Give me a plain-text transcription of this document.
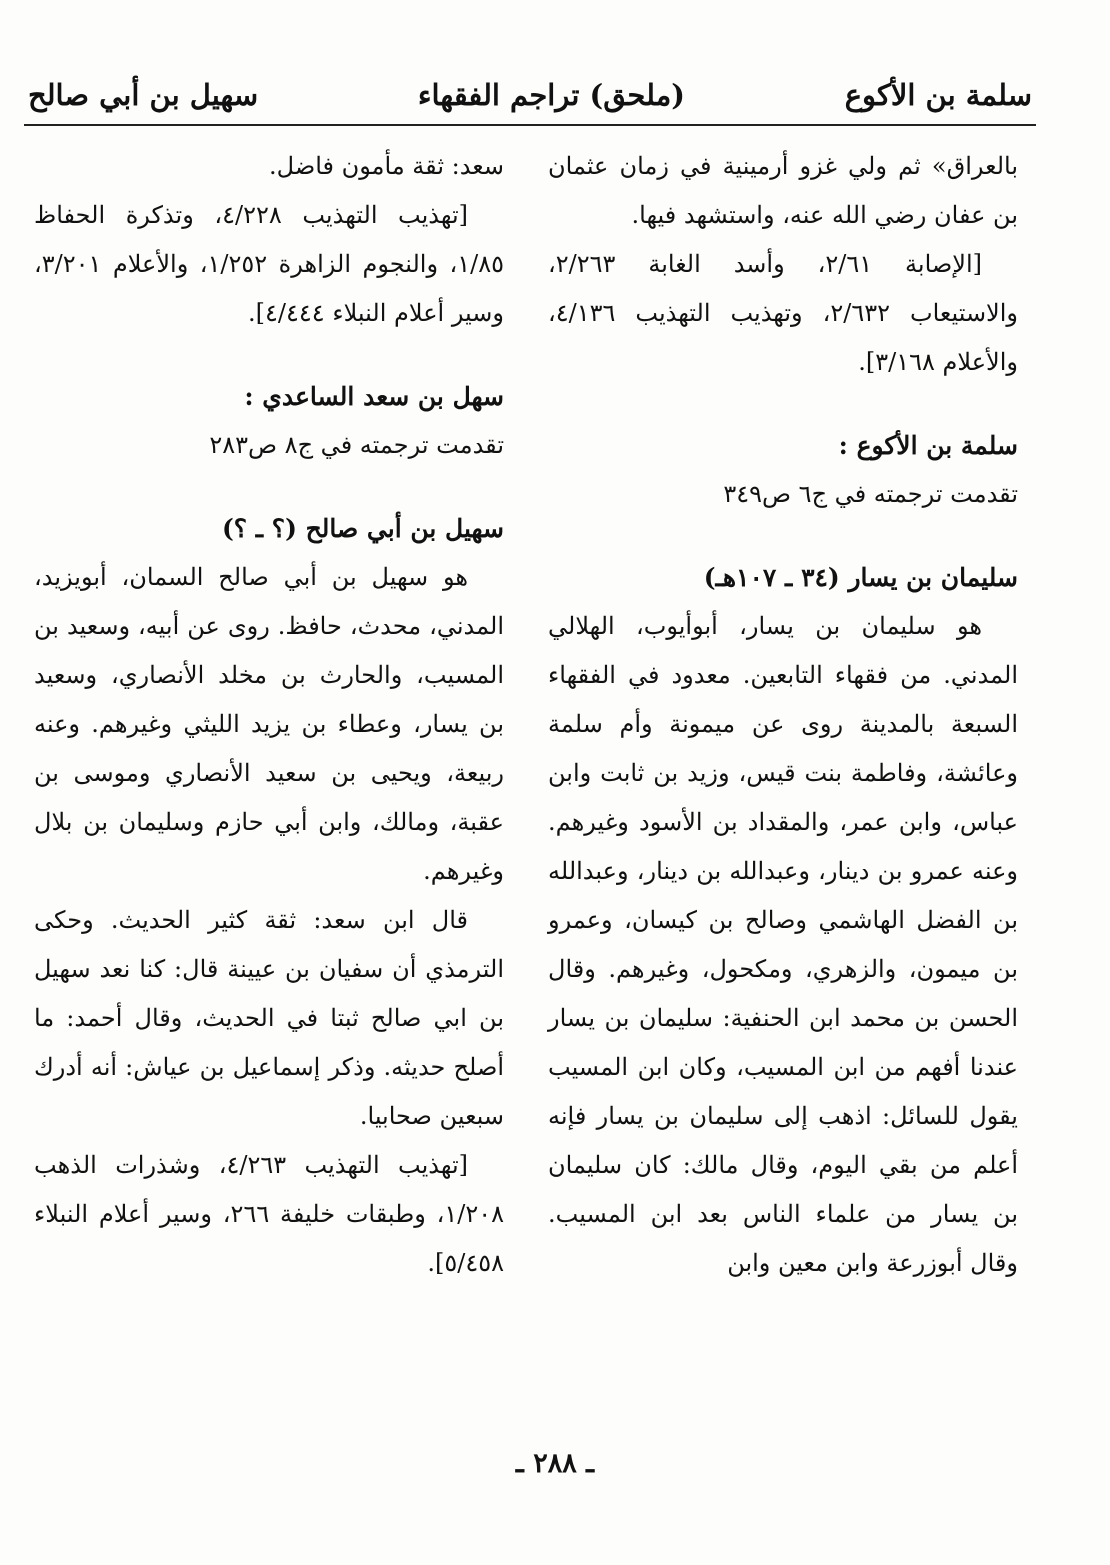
سلمة بن الأكوع
(ملحق) تراجم الفقهاء
سهيل بن أبي صالح

بالعراق» ثم ولي غزو أرمينية في زمان عثمان بن عفان رضي الله عنه، واستشهد فيها.

[الإصابة ٢/٦١، وأسد الغابة ٢/٢٦٣، والاستيعاب ٢/٦٣٢، وتهذيب التهذيب ٤/١٣٦، والأعلام ٣/١٦٨].

سلمة بن الأكوع :

تقدمت ترجمته في ج٦ ص٣٤٩

سليمان بن يسار (٣٤ ـ ١٠٧هـ)

هو سليمان بن يسار، أبوأيوب، الهلالي المدني. من فقهاء التابعين. معدود في الفقهاء السبعة بالمدينة روى عن ميمونة وأم سلمة وعائشة، وفاطمة بنت قيس، وزيد بن ثابت وابن عباس، وابن عمر، والمقداد بن الأسود وغيرهم. وعنه عمرو بن دينار، وعبدالله بن دينار، وعبدالله بن الفضل الهاشمي وصالح بن كيسان، وعمرو بن ميمون، والزهري، ومكحول، وغيرهم. وقال الحسن بن محمد ابن الحنفية: سليمان بن يسار عندنا أفهم من ابن المسيب، وكان ابن المسيب يقول للسائل: اذهب إلى سليمان بن يسار فإنه أعلم من بقي اليوم، وقال مالك: كان سليمان بن يسار من علماء الناس بعد ابن المسيب. وقال أبوزرعة وابن معين وابن

سعد: ثقة مأمون فاضل.

[تهذيب التهذيب ٤/٢٢٨، وتذكرة الحفاظ ١/٨٥، والنجوم الزاهرة ١/٢٥٢، والأعلام ٣/٢٠١، وسير أعلام النبلاء ٤/٤٤٤].

سهل بن سعد الساعدي :

تقدمت ترجمته في ج٨ ص٢٨٣

سهيل بن أبي صالح (؟ ـ ؟)

هو سهيل بن أبي صالح السمان، أبويزيد، المدني، محدث، حافظ. روى عن أبيه، وسعيد بن المسيب، والحارث بن مخلد الأنصاري، وسعيد بن يسار، وعطاء بن يزيد الليثي وغيرهم. وعنه ربيعة، ويحيى بن سعيد الأنصاري وموسى بن عقبة، ومالك، وابن أبي حازم وسليمان بن بلال وغيرهم.

قال ابن سعد: ثقة كثير الحديث. وحكى الترمذي أن سفيان بن عيينة قال: كنا نعد سهيل بن ابي صالح ثبتا في الحديث، وقال أحمد: ما أصلح حديثه. وذكر إسماعيل بن عياش: أنه أدرك سبعين صحابيا.

[تهذيب التهذيب ٤/٢٦٣، وشذرات الذهب ١/٢٠٨، وطبقات خليفة ٢٦٦، وسير أعلام النبلاء ٥/٤٥٨].

ـ ٢٨٨ ـ
